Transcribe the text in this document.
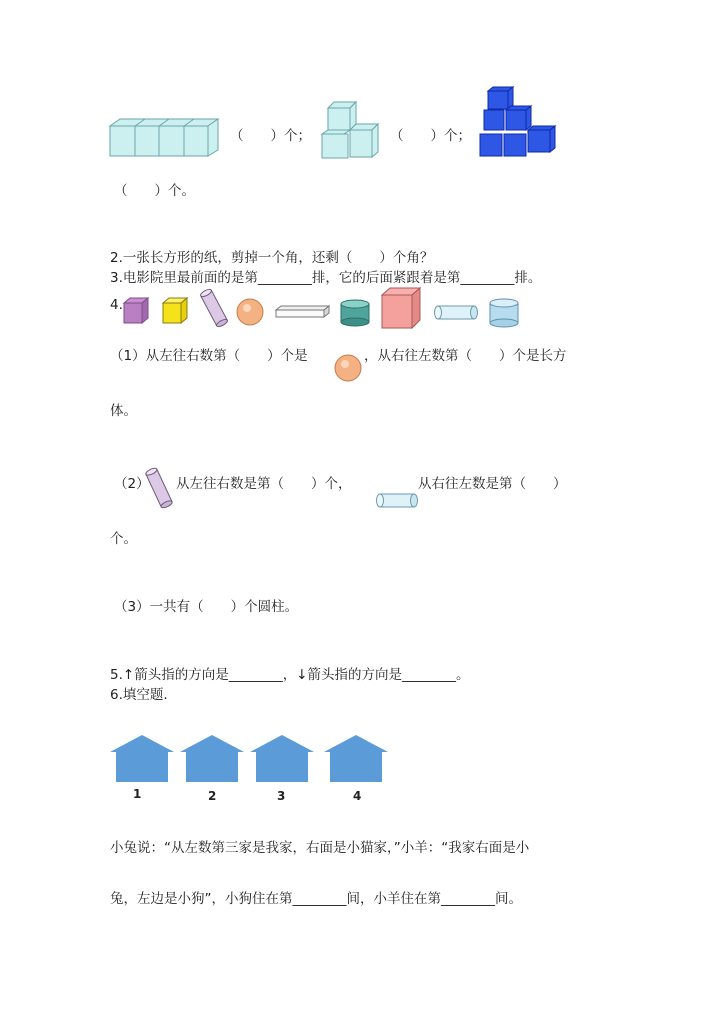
（　　）个；	（　　）个；
（　　）个。
2.一张长方形的纸，剪掉一个角，还剩（　　）个角？
3.电影院里最前面的是第________排，它的后面紧跟着是第________排。
4.
（1）从左往右数第（　　）个是	，从右往左数第（　　）个是长方
体。
（2） 从左往右数是第（　　）个，	从右往左数是第（　　）
个。
（3）一共有（　　）个圆柱。
5.↑箭头指的方向是________，↓箭头指的方向是________。
6.填空题.
1	2	3	4
小兔说：“从左数第三家是我家，右面是小猫家，”小羊：“我家右面是小
兔，左边是小狗”，小狗住在第________间，小羊住在第________间。
